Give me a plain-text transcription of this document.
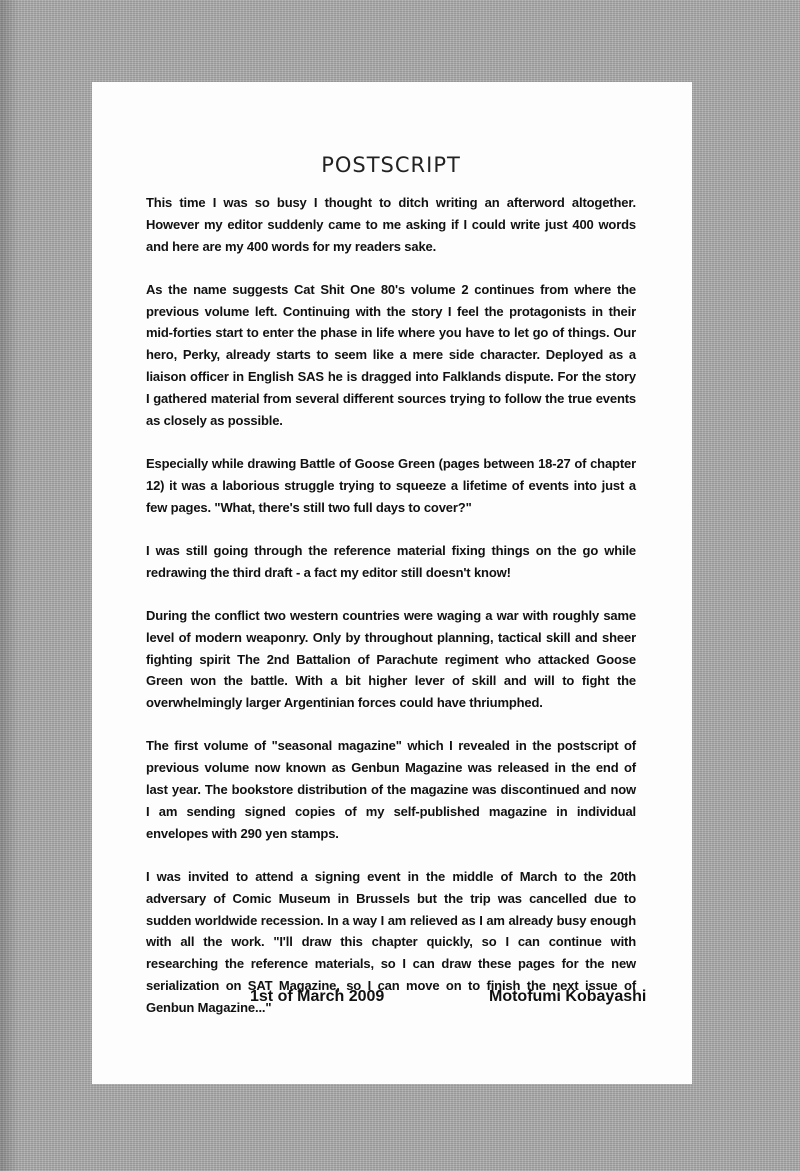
POSTSCRIPT

This time I was so busy I thought to ditch writing an afterword altogether. However my editor suddenly came to me asking if I could write just 400 words and here are my 400 words for my readers sake.

As the name suggests Cat Shit One 80's volume 2 continues from where the previous volume left. Continuing with the story I feel the protagonists in their mid-forties start to enter the phase in life where you have to let go of things. Our hero, Perky, already starts to seem like a mere side character. Deployed as a liaison officer in English SAS he is dragged into Falklands dispute. For the story I gathered material from several different sources trying to follow the true events as closely as possible.

Especially while drawing Battle of Goose Green (pages between 18-27 of chapter 12) it was a laborious struggle trying to squeeze a lifetime of events into just a few pages. "What, there's still two full days to cover?"

I was still going through the reference material fixing things on the go while redrawing the third draft - a fact my editor still doesn't know!

During the conflict two western countries were waging a war with roughly same level of modern weaponry. Only by throughout planning, tactical skill and sheer fighting spirit The 2nd Battalion of Parachute regiment who attacked Goose Green won the battle. With a bit higher lever of skill and will to fight the overwhelmingly larger Argentinian forces could have thriumphed.

The first volume of "seasonal magazine" which I revealed in the postscript of previous volume now known as Genbun Magazine was released in the end of last year. The bookstore distribution of the magazine was discontinued and now I am sending signed copies of my self-published magazine in individual envelopes with 290 yen stamps.

I was invited to attend a signing event in the middle of March to the 20th adversary of Comic Museum in Brussels but the trip was cancelled due to sudden worldwide recession. In a way I am relieved as I am already busy enough with all the work. "I'll draw this chapter quickly, so I can continue with researching the reference materials, so I can draw these pages for the new serialization on SAT Magazine, so I can move on to finish the next issue of Genbun Magazine..."

1st of March 2009	Motofumi Kobayashi
